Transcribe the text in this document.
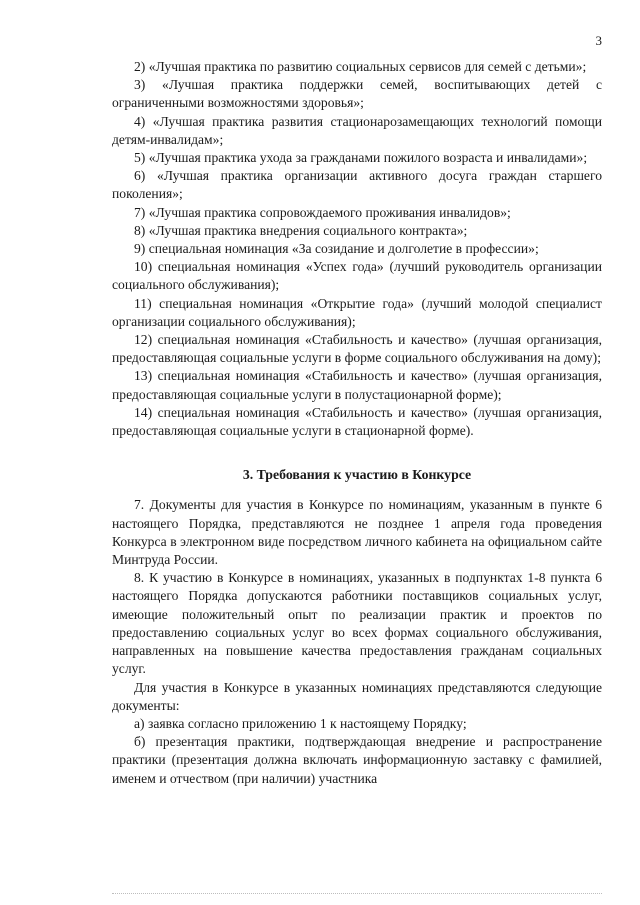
3

2) «Лучшая практика по развитию социальных сервисов для семей с детьми»;

3) «Лучшая практика поддержки семей, воспитывающих детей с ограниченными возможностями здоровья»;

4) «Лучшая практика развития стационарозамещающих технологий помощи детям-инвалидам»;

5) «Лучшая практика ухода за гражданами пожилого возраста и инвалидами»;

6) «Лучшая практика организации активного досуга граждан старшего поколения»;

7) «Лучшая практика сопровождаемого проживания инвалидов»;

8) «Лучшая практика внедрения социального контракта»;

9) специальная номинация «За созидание и долголетие в профессии»;

10) специальная номинация «Успех года» (лучший руководитель организации социального обслуживания);

11) специальная номинация «Открытие года» (лучший молодой специалист организации социального обслуживания);

12) специальная номинация «Стабильность и качество» (лучшая организация, предоставляющая социальные услуги в форме социального обслуживания на дому);

13) специальная номинация «Стабильность и качество» (лучшая организация, предоставляющая социальные услуги в полустационарной форме);

14) специальная номинация «Стабильность и качество» (лучшая организация, предоставляющая социальные услуги в стационарной форме).

3. Требования к участию в Конкурсе

7. Документы для участия в Конкурсе по номинациям, указанным в пункте 6 настоящего Порядка, представляются не позднее 1 апреля года проведения Конкурса в электронном виде посредством личного кабинета на официальном сайте Минтруда России.

8. К участию в Конкурсе в номинациях, указанных в подпунктах 1-8 пункта 6 настоящего Порядка допускаются работники поставщиков социальных услуг, имеющие положительный опыт по реализации практик и проектов по предоставлению социальных услуг во всех формах социального обслуживания, направленных на повышение качества предоставления гражданам социальных услуг.

Для участия в Конкурсе в указанных номинациях представляются следующие документы:

а) заявка согласно приложению 1 к настоящему Порядку;

б) презентация практики, подтверждающая внедрение и распространение практики (презентация должна включать информационную заставку с фамилией, именем и отчеством (при наличии) участника
